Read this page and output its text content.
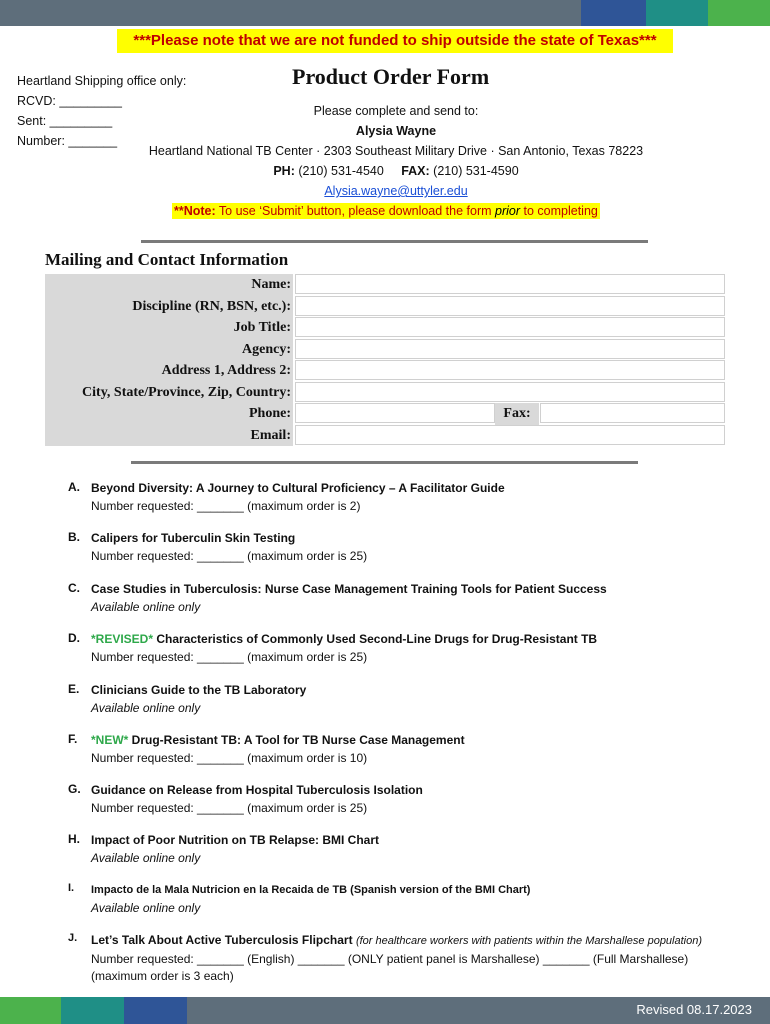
***Please note that we are not funded to ship outside the state of Texas***
Heartland Shipping office only:
RCVD: _________
Sent: _________
Number: _______
Product Order Form
Please complete and send to:
Alysia Wayne
Heartland National TB Center · 2303 Southeast Military Drive · San Antonio, Texas 78223
PH: (210) 531-4540 FAX: (210) 531-4590
Alysia.wayne@uttyler.edu
**Note: To use ‘Submit’ button, please download the form prior to completing
Mailing and Contact Information
Name:
Discipline (RN, BSN, etc.):
Job Title:
Agency:
Address 1, Address 2:
City, State/Province, Zip, Country:
Phone:	Fax:
Email:
A. Beyond Diversity: A Journey to Cultural Proficiency – A Facilitator Guide
Number requested: _______ (maximum order is 2)
B. Calipers for Tuberculin Skin Testing
Number requested: _______ (maximum order is 25)
C. Case Studies in Tuberculosis: Nurse Case Management Training Tools for Patient Success
Available online only
D. *REVISED* Characteristics of Commonly Used Second-Line Drugs for Drug-Resistant TB
Number requested: _______ (maximum order is 25)
E. Clinicians Guide to the TB Laboratory
Available online only
F. *NEW* Drug-Resistant TB: A Tool for TB Nurse Case Management
Number requested: _______ (maximum order is 10)
G. Guidance on Release from Hospital Tuberculosis Isolation
Number requested: _______ (maximum order is 25)
H. Impact of Poor Nutrition on TB Relapse: BMI Chart
Available online only
I. Impacto de la Mala Nutricion en la Recaida de TB (Spanish version of the BMI Chart)
Available online only
J. Let’s Talk About Active Tuberculosis Flipchart (for healthcare workers with patients within the Marshallese population)
Number requested: _______ (English) _______ (ONLY patient panel is Marshallese) _______ (Full Marshallese)
(maximum order is 3 each)
Revised 08.17.2023
